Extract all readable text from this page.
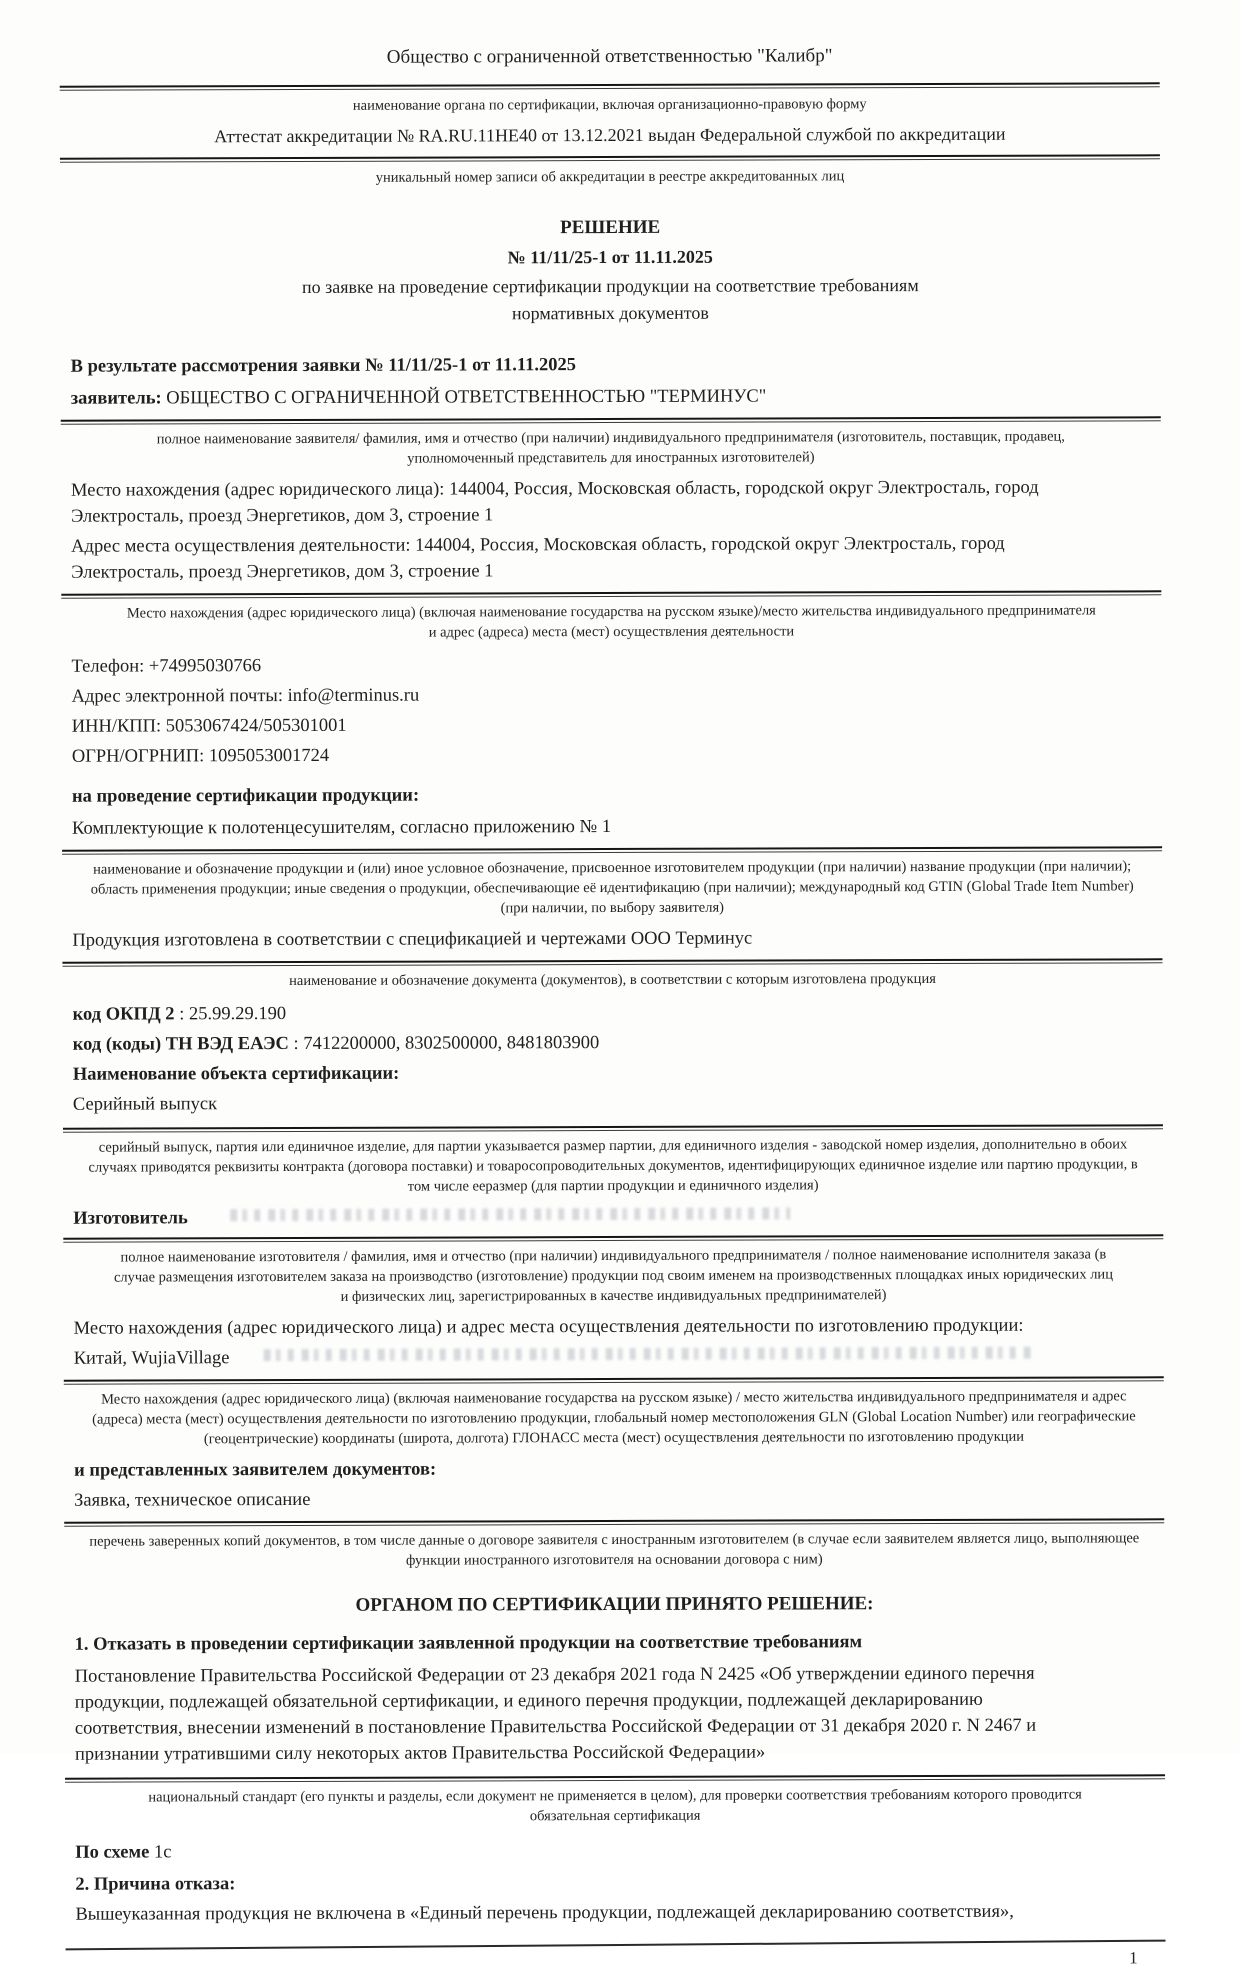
Общество с ограниченной ответственностью "Калибр"
наименование органа по сертификации, включая организационно-правовую форму
Аттестат аккредитации № RA.RU.11HE40 от 13.12.2021 выдан Федеральной службой по аккредитации
уникальный номер записи об аккредитации в реестре аккредитованных лиц
РЕШЕНИЕ
№ 11/11/25-1 от 11.11.2025
по заявке на проведение сертификации продукции на соответствие требованиям
нормативных документов
В результате рассмотрения заявки № 11/11/25-1 от 11.11.2025
заявитель: ОБЩЕСТВО С ОГРАНИЧЕННОЙ ОТВЕТСТВЕННОСТЬЮ "ТЕРМИНУС"
полное наименование заявителя/ фамилия, имя и отчество (при наличии) индивидуального предпринимателя (изготовитель, поставщик, продавец, уполномоченный представитель для иностранных изготовителей)
Место нахождения (адрес юридического лица): 144004, Россия, Московская область, городской округ Электросталь, город Электросталь, проезд Энергетиков, дом 3, строение 1
Адрес места осуществления деятельности: 144004, Россия, Московская область, городской округ Электросталь, город Электросталь, проезд Энергетиков, дом 3, строение 1
Место нахождения (адрес юридического лица) (включая наименование государства на русском языке)/место жительства индивидуального предпринимателя и адрес (адреса) места (мест) осуществления деятельности
Телефон: +74995030766
Адрес электронной почты: info@terminus.ru
ИНН/КПП: 5053067424/505301001
ОГРН/ОГРНИП: 1095053001724
на проведение сертификации продукции:
Комплектующие к полотенцесушителям, согласно приложению № 1
наименование и обозначение продукции и (или) иное условное обозначение, присвоенное изготовителем продукции (при наличии) название продукции (при наличии); область применения продукции; иные сведения о продукции, обеспечивающие её идентификацию (при наличии); международный код GTIN (Global Trade Item Number) (при наличии, по выбору заявителя)
Продукция изготовлена в соответствии с спецификацией и чертежами ООО Терминус
наименование и обозначение документа (документов), в соответствии с которым изготовлена продукция
код ОКПД 2 : 25.99.29.190
код (коды) ТН ВЭД ЕАЭС : 7412200000, 8302500000, 8481803900
Наименование объекта сертификации:
Серийный выпуск
серийный выпуск, партия или единичное изделие, для партии указывается размер партии, для единичного изделия - заводской номер изделия, дополнительно в обоих случаях приводятся реквизиты контракта (договора поставки) и товаросопроводительных документов, идентифицирующих единичное изделие или партию продукции, в том числе ееразмер (для партии продукции и единичного изделия)
Изготовитель
полное наименование изготовителя / фамилия, имя и отчество (при наличии) индивидуального предпринимателя / полное наименование исполнителя заказа (в случае размещения изготовителем заказа на производство (изготовление) продукции под своим именем на производственных площадках иных юридических лиц и физических лиц, зарегистрированных в качестве индивидуальных предпринимателей)
Место нахождения (адрес юридического лица) и адрес места осуществления деятельности по изготовлению продукции:
Китай, WujiaVillage
Место нахождения (адрес юридического лица) (включая наименование государства на русском языке) / место жительства индивидуального предпринимателя и адрес (адреса) места (мест) осуществления деятельности по изготовлению продукции, глобальный номер местоположения GLN (Global Location Number) или географические (геоцентрические) координаты (широта, долгота) ГЛОНАСС места (мест) осуществления деятельности по изготовлению продукции
и представленных заявителем документов:
Заявка, техническое описание
перечень заверенных копий документов, в том числе данные о договоре заявителя с иностранным изготовителем (в случае если заявителем является лицо, выполняющее функции иностранного изготовителя на основании договора с ним)
ОРГАНОМ ПО СЕРТИФИКАЦИИ ПРИНЯТО РЕШЕНИЕ:
1. Отказать в проведении сертификации заявленной продукции на соответствие требованиям
Постановление Правительства Российской Федерации от 23 декабря 2021 года N 2425 «Об утверждении единого перечня продукции, подлежащей обязательной сертификации, и единого перечня продукции, подлежащей декларированию соответствия, внесении изменений в постановление Правительства Российской Федерации от 31 декабря 2020 г. N 2467 и признании утратившими силу некоторых актов Правительства Российской Федерации»
национальный стандарт (его пункты и разделы, если документ не применяется в целом), для проверки соответствия требованиям которого проводится обязательная сертификация
По схеме 1с
2. Причина отказа:
Вышеуказанная продукция не включена в «Единый перечень продукции, подлежащей декларированию соответствия»,
1
